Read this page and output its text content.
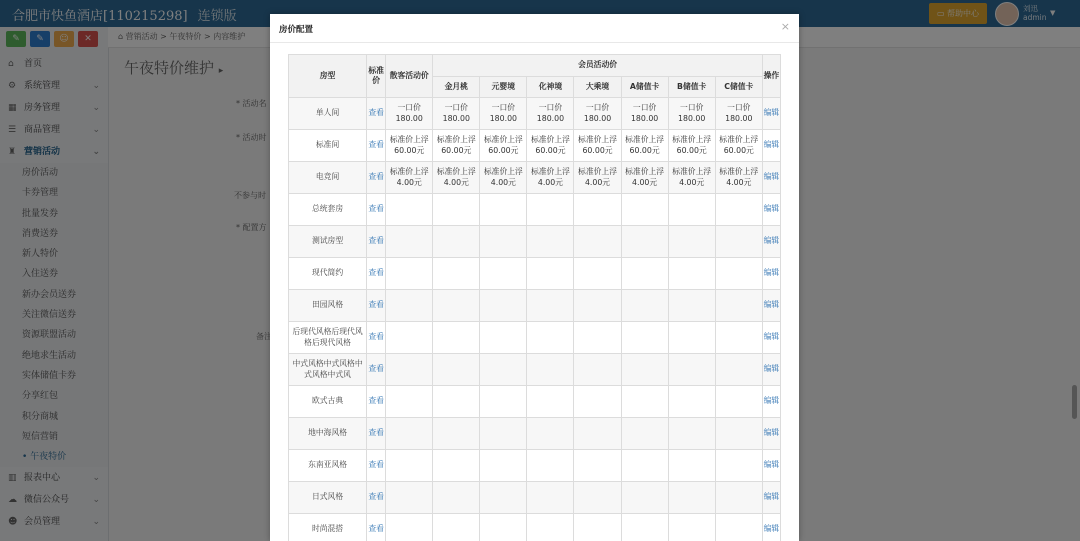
房价配置	×
房型	标准价	散客活动价	会员活动价							操作
			金月桃	元婴境	化神境	大乘境	A储值卡	B储值卡	C储值卡	
单人间	查看	一口价180.00	一口价180.00	一口价180.00	一口价180.00	一口价180.00	一口价180.00	一口价180.00	一口价180.00	编辑
标准间	查看	标准价上浮60.00元	标准价上浮60.00元	标准价上浮60.00元	标准价上浮60.00元	标准价上浮60.00元	标准价上浮60.00元	标准价上浮60.00元	标准价上浮60.00元	编辑
电竞间	查看	标准价上浮4.00元	标准价上浮4.00元	标准价上浮4.00元	标准价上浮4.00元	标准价上浮4.00元	标准价上浮4.00元	标准价上浮4.00元	标准价上浮4.00元	编辑
总统套房	查看									编辑
测试房型	查看									编辑
现代简约	查看									编辑
田园风格	查看									编辑
后现代风格后现代风格后现代风格	查看									编辑
中式风格中式风格中式风格中式风	查看									编辑
欧式古典	查看									编辑
地中海风格	查看									编辑
东南亚风格	查看									编辑
日式风格	查看									编辑
时尚混搭	查看									编辑
